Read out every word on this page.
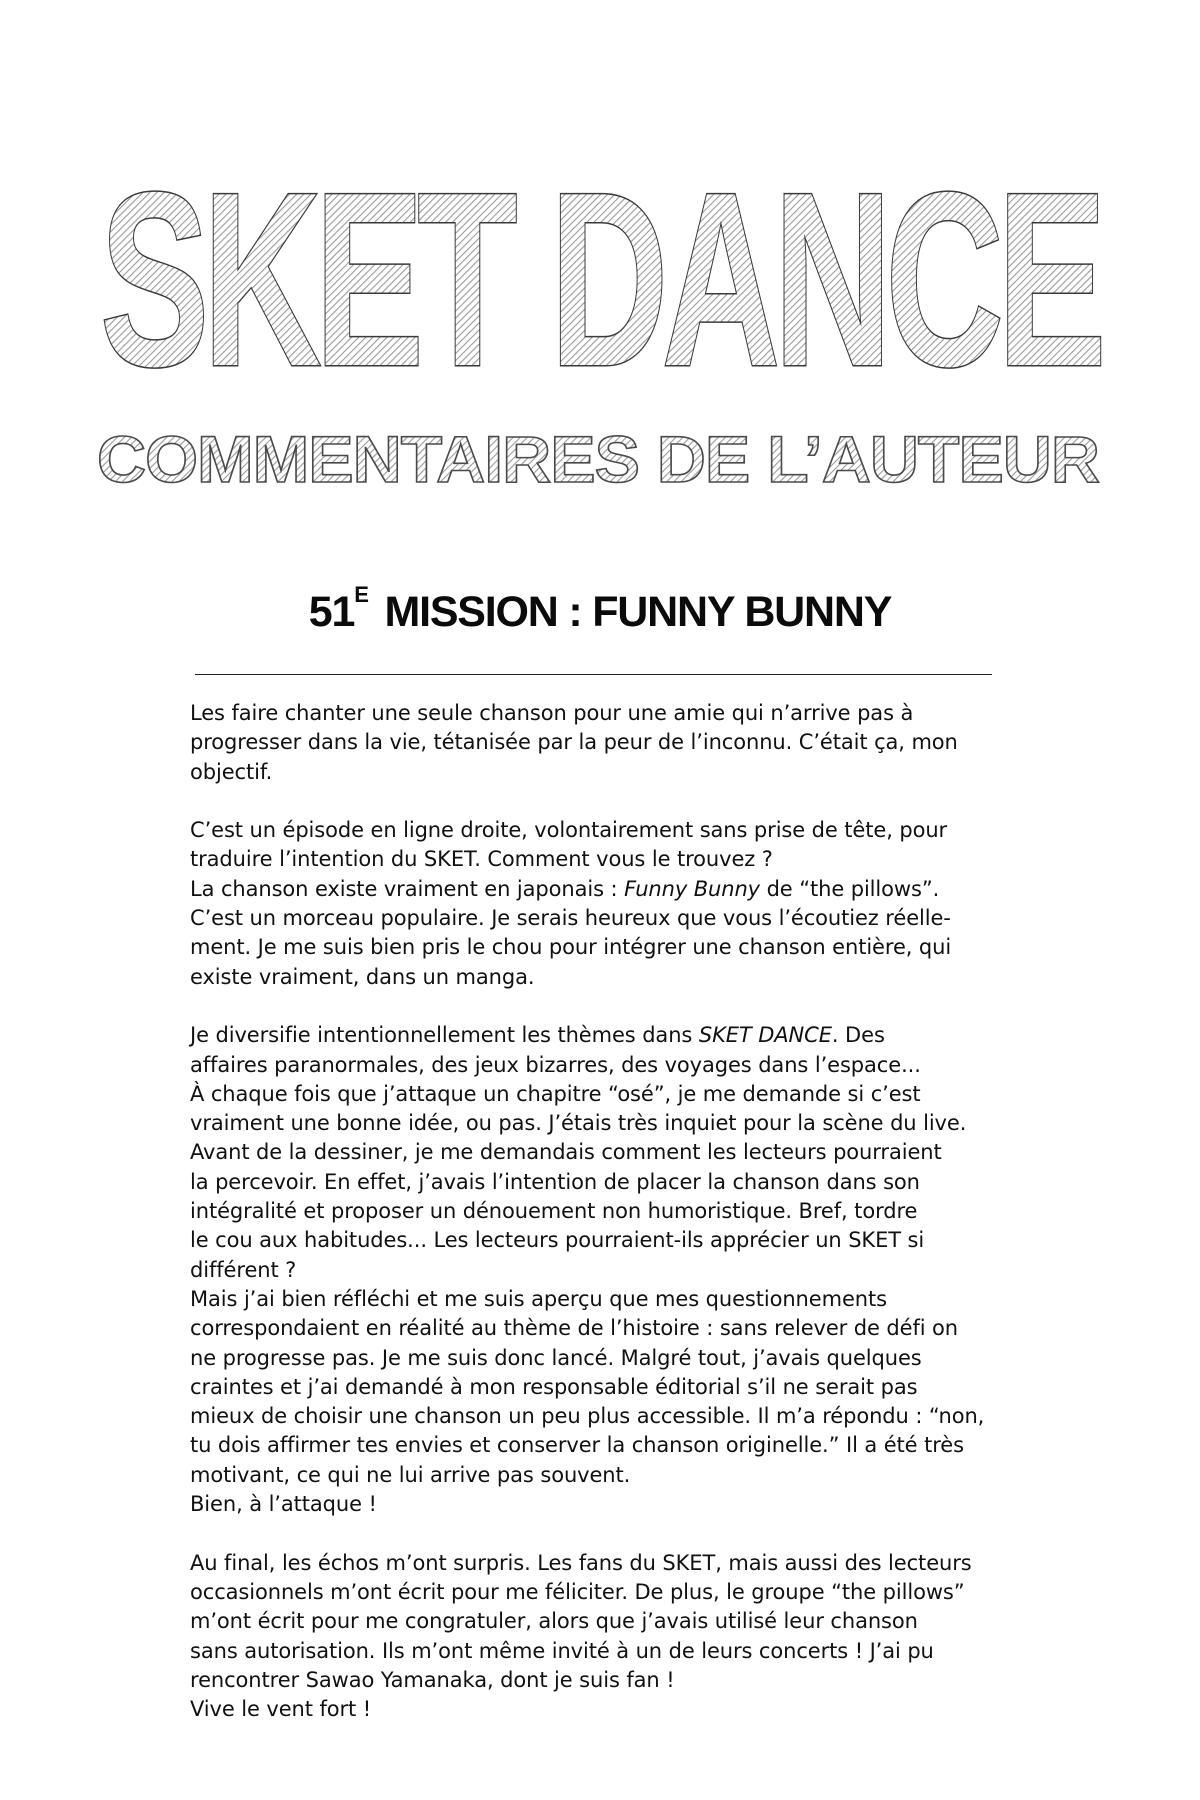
SKET DANCE
COMMENTAIRES DE L’AUTEUR
$51^E$ MISSION : FUNNY BUNNY

Les faire chanter une seule chanson pour une amie qui n’arrive pas à
progresser dans la vie, tétanisée par la peur de l’inconnu. C’était ça, mon
objectif.

C’est un épisode en ligne droite, volontairement sans prise de tête, pour
traduire l’intention du SKET. Comment vous le trouvez ?
La chanson existe vraiment en japonais : Funny Bunny de “the pillows”.
C’est un morceau populaire. Je serais heureux que vous l’écoutiez réelle-
ment. Je me suis bien pris le chou pour intégrer une chanson entière, qui
existe vraiment, dans un manga.

Je diversifie intentionnellement les thèmes dans SKET DANCE. Des
affaires paranormales, des jeux bizarres, des voyages dans l’espace...
À chaque fois que j’attaque un chapitre “osé”, je me demande si c’est
vraiment une bonne idée, ou pas. J’étais très inquiet pour la scène du live.
Avant de la dessiner, je me demandais comment les lecteurs pourraient
la percevoir. En effet, j’avais l’intention de placer la chanson dans son
intégralité et proposer un dénouement non humoristique. Bref, tordre
le cou aux habitudes... Les lecteurs pourraient-ils apprécier un SKET si
différent ?
Mais j’ai bien réfléchi et me suis aperçu que mes questionnements
correspondaient en réalité au thème de l’histoire : sans relever de défi on
ne progresse pas. Je me suis donc lancé. Malgré tout, j’avais quelques
craintes et j’ai demandé à mon responsable éditorial s’il ne serait pas
mieux de choisir une chanson un peu plus accessible. Il m’a répondu : “non,
tu dois affirmer tes envies et conserver la chanson originelle.” Il a été très
motivant, ce qui ne lui arrive pas souvent.
Bien, à l’attaque !

Au final, les échos m’ont surpris. Les fans du SKET, mais aussi des lecteurs
occasionnels m’ont écrit pour me féliciter. De plus, le groupe “the pillows”
m’ont écrit pour me congratuler, alors que j’avais utilisé leur chanson
sans autorisation. Ils m’ont même invité à un de leurs concerts ! J’ai pu
rencontrer Sawao Yamanaka, dont je suis fan !
Vive le vent fort !
